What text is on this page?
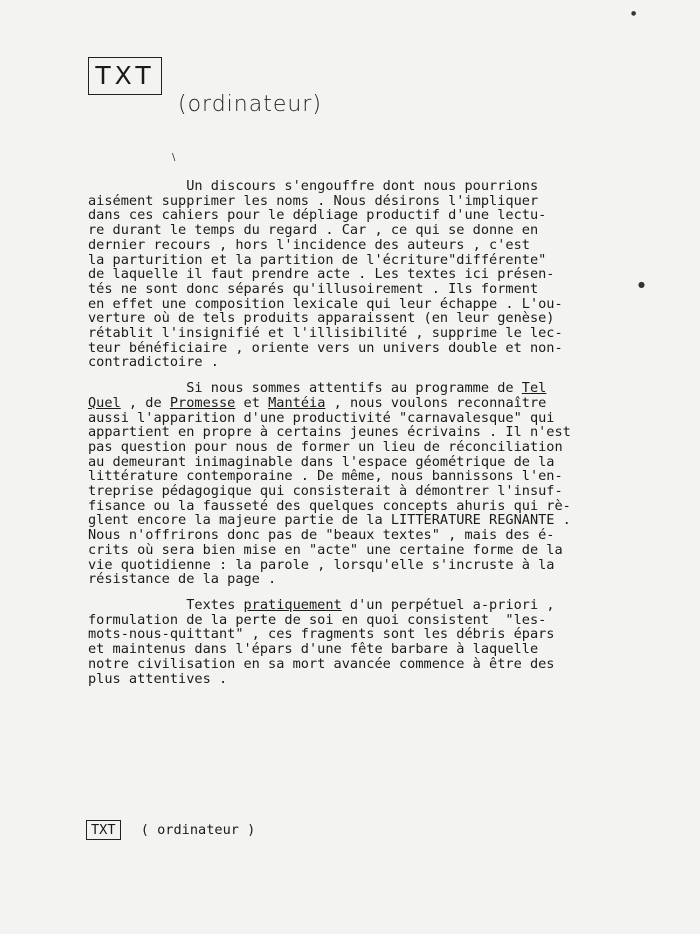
TXT
(ordinateur)
\
●
●
Un discours s'engouffre dont nous pourrions
aisément supprimer les noms . Nous désirons l'impliquer
dans ces cahiers pour le dépliage productif d'une lectu-
re durant le temps du regard . Car , ce qui se donne en
dernier recours , hors l'incidence des auteurs , c'est
la parturition et la partition de l'écriture"différente"
de laquelle il faut prendre acte . Les textes ici présen-
tés ne sont donc séparés qu'illusoirement . Ils forment
en effet une composition lexicale qui leur échappe . L'ou-
verture où de tels produits apparaissent (en leur genèse)
rétablit l'insignifié et l'illisibilité , supprime le lec-
teur bénéficiaire , oriente vers un univers double et non-
contradictoire .
Si nous sommes attentifs au programme de Tel
Quel , de Promesse et Mantéia , nous voulons reconnaître
aussi l'apparition d'une productivité "carnavalesque" qui
appartient en propre à certains jeunes écrivains . Il n'est
pas question pour nous de former un lieu de réconciliation
au demeurant inimaginable dans l'espace géométrique de la
littérature contemporaine . De même, nous bannissons l'en-
treprise pédagogique qui consisterait à démontrer l'insuf-
fisance ou la fausseté des quelques concepts ahuris qui rè-
glent encore la majeure partie de la LITTERATURE REGNANTE .
Nous n'offrirons donc pas de "beaux textes" , mais des é-
crits où sera bien mise en "acte" une certaine forme de la
vie quotidienne : la parole , lorsqu'elle s'incruste à la
résistance de la page .
Textes pratiquement d'un perpétuel a-priori ,
formulation de la perte de soi en quoi consistent  "les-
mots-nous-quittant" , ces fragments sont les débris épars
et maintenus dans l'épars d'une fête barbare à laquelle
notre civilisation en sa mort avancée commence à être des
plus attentives .
TXT ( ordinateur )
